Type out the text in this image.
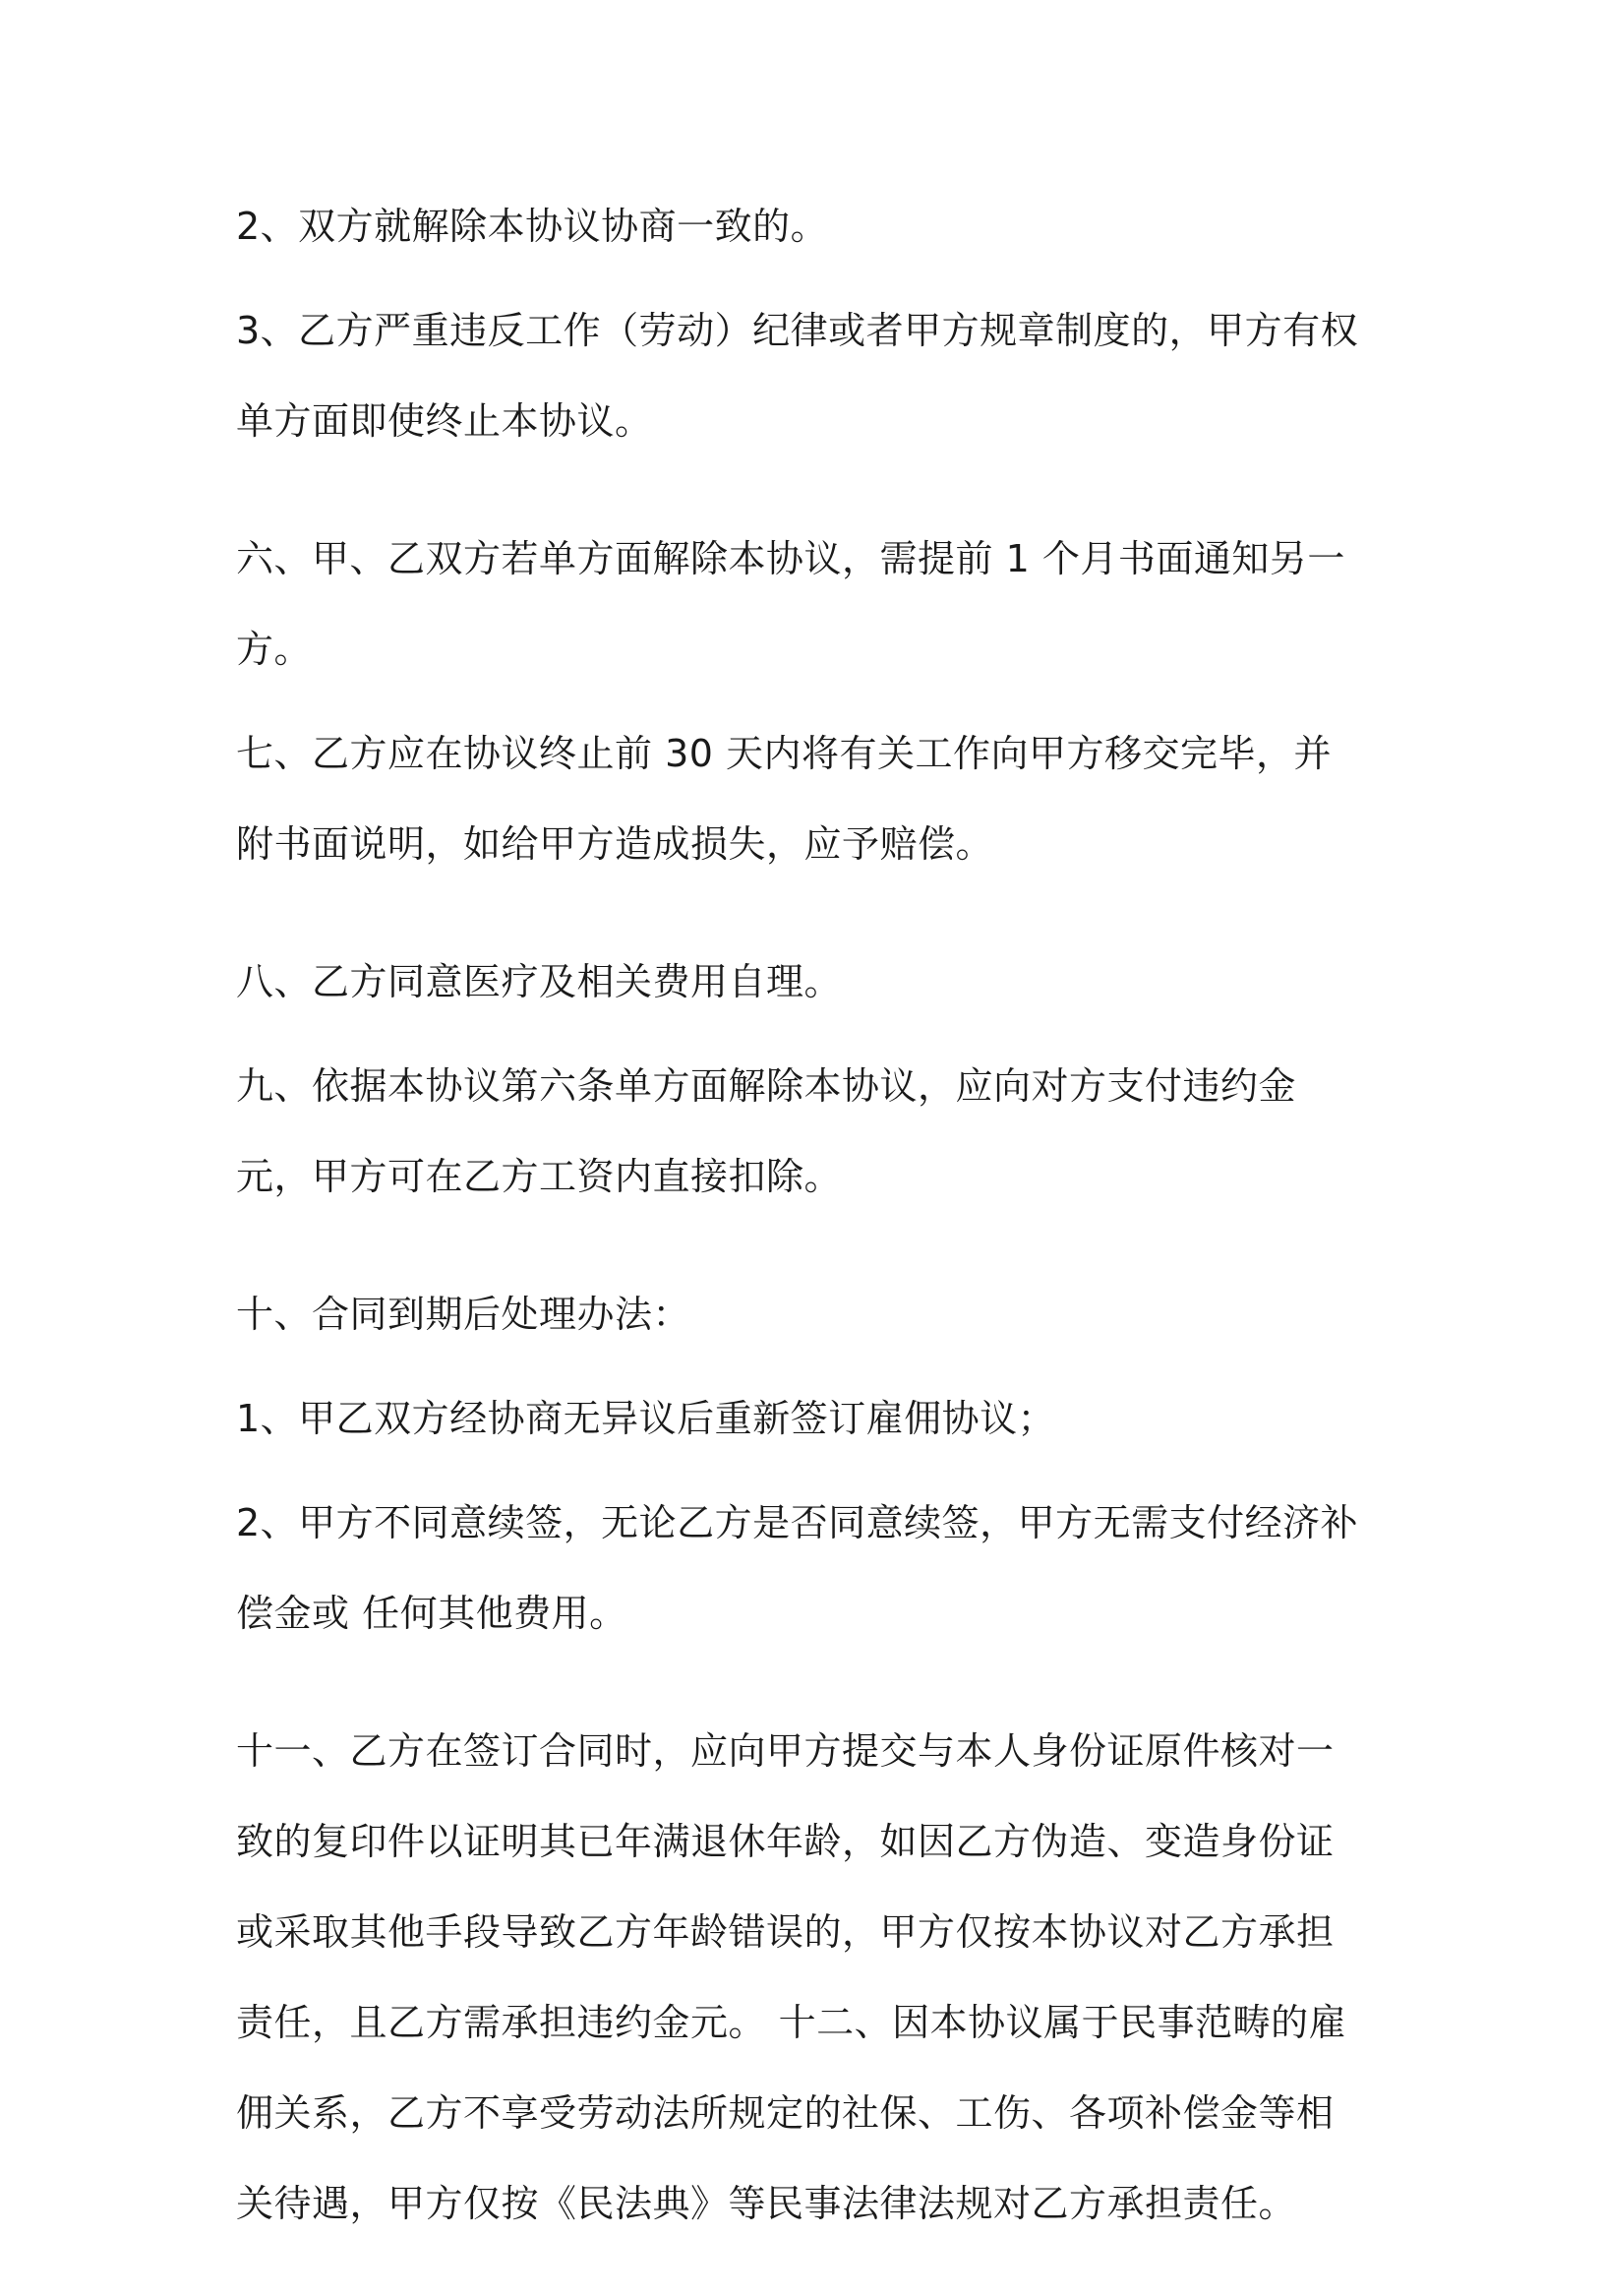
2、双方就解除本协议协商一致的。

3、乙方严重违反工作（劳动）纪律或者甲方规章制度的，甲方有权单方面即使终止本协议。

六、甲、乙双方若单方面解除本协议，需提前 1 个月书面通知另一方。

七、乙方应在协议终止前 30 天内将有关工作向甲方移交完毕，并附书面说明，如给甲方造成损失，应予赔偿。

八、乙方同意医疗及相关费用自理。

九、依据本协议第六条单方面解除本协议，应向对方支付违约金 元，甲方可在乙方工资内直接扣除。

十、合同到期后处理办法：

1、甲乙双方经协商无异议后重新签订雇佣协议；

2、甲方不同意续签，无论乙方是否同意续签，甲方无需支付经济补偿金或 任何其他费用。

十一、乙方在签订合同时，应向甲方提交与本人身份证原件核对一致的复印件以证明其已年满退休年龄，如因乙方伪造、变造身份证或采取其他手段导致乙方年龄错误的，甲方仅按本协议对乙方承担责任，且乙方需承担违约金元。 十二、因本协议属于民事范畴的雇佣关系，乙方不享受劳动法所规定的社保、工伤、各项补偿金等相关待遇，甲方仅按《民法典》等民事法律法规对乙方承担责任。
